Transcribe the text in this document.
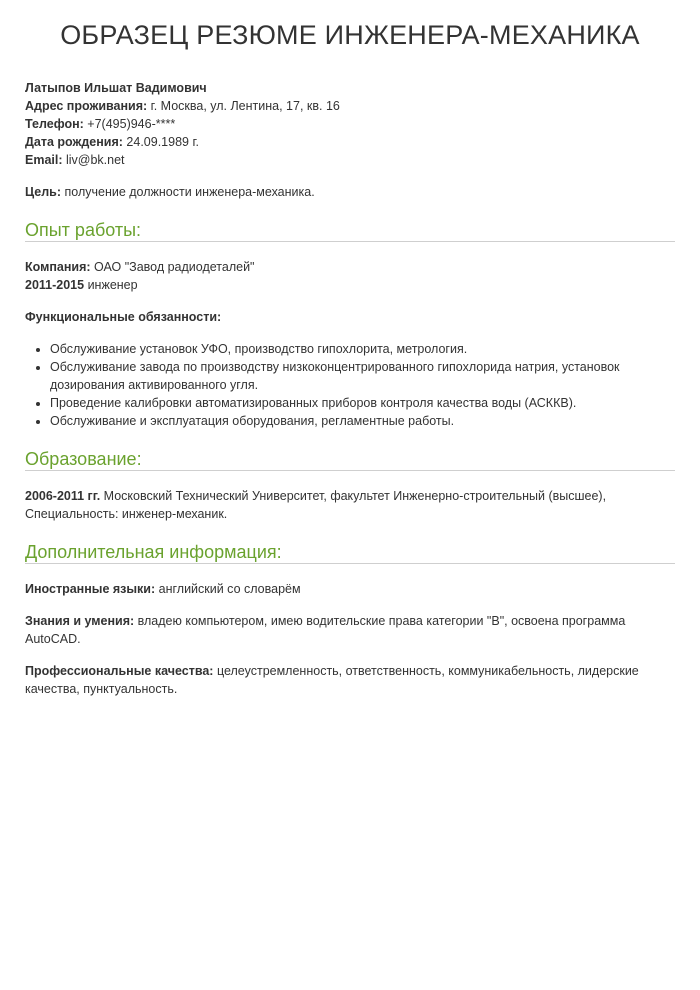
ОБРАЗЕЦ РЕЗЮМЕ ИНЖЕНЕРА-МЕХАНИКА

Латыпов Ильшат Вадимович

Адрес проживания: г. Москва, ул. Лентина, 17, кв. 16

Телефон: +7(495)946-****

Дата рождения: 24.09.1989 г.

Email: liv@bk.net

Цель: получение должности инженера-механика.

Опыт работы:

Компания: ОАО "Завод радиодеталей"

2011-2015 инженер

Функциональные обязанности:

• Обслуживание установок УФО, производство гипохлорита, метрология.
• Обслуживание завода по производству низкоконцентрированного гипохлорида натрия, установок дозирования активированного угля.
• Проведение калибровки автоматизированных приборов контроля качества воды (АСККВ).
• Обслуживание и эксплуатация оборудования, регламентные работы.
Образование:

2006-2011 гг. Московский Технический Университет, факультет Инженерно-строительный (высшее), Специальность: инженер-механик.

Дополнительная информация:

Иностранные языки: английский со словарём

Знания и умения: владею компьютером, имею водительские права категории "В", освоена программа AutoCAD.

Профессиональные качества: целеустремленность, ответственность, коммуникабельность, лидерские качества, пунктуальность.
